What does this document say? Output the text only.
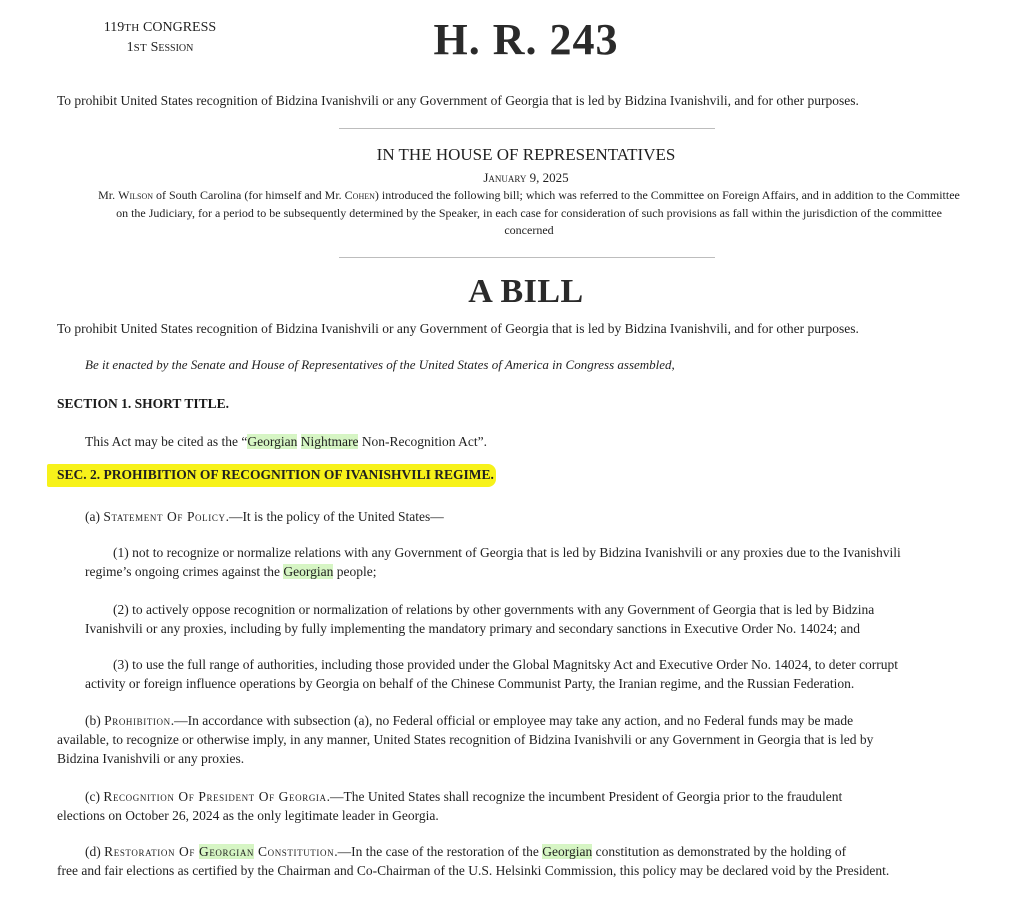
119TH CONGRESS
1ST Session	H. R. 243
To prohibit United States recognition of Bidzina Ivanishvili or any Government of Georgia that is led by Bidzina Ivanishvili, and for other purposes.
IN THE HOUSE OF REPRESENTATIVES
January 9, 2025
Mr. Wilson of South Carolina (for himself and Mr. Cohen) introduced the following bill; which was referred to the Committee on Foreign Affairs, and in addition to the Committee
on the Judiciary, for a period to be subsequently determined by the Speaker, in each case for consideration of such provisions as fall within the jurisdiction of the committee
concerned
A BILL
To prohibit United States recognition of Bidzina Ivanishvili or any Government of Georgia that is led by Bidzina Ivanishvili, and for other purposes.
Be it enacted by the Senate and House of Representatives of the United States of America in Congress assembled,
SECTION 1. SHORT TITLE.
This Act may be cited as the “Georgian Nightmare Non-Recognition Act”.
SEC. 2. PROHIBITION OF RECOGNITION OF IVANISHVILI REGIME.
(a) Statement Of Policy.—It is the policy of the United States—
(1) not to recognize or normalize relations with any Government of Georgia that is led by Bidzina Ivanishvili or any proxies due to the Ivanishvili
regime’s ongoing crimes against the Georgian people;
(2) to actively oppose recognition or normalization of relations by other governments with any Government of Georgia that is led by Bidzina
Ivanishvili or any proxies, including by fully implementing the mandatory primary and secondary sanctions in Executive Order No. 14024; and
(3) to use the full range of authorities, including those provided under the Global Magnitsky Act and Executive Order No. 14024, to deter corrupt
activity or foreign influence operations by Georgia on behalf of the Chinese Communist Party, the Iranian regime, and the Russian Federation.
(b) Prohibition.—In accordance with subsection (a), no Federal official or employee may take any action, and no Federal funds may be made
available, to recognize or otherwise imply, in any manner, United States recognition of Bidzina Ivanishvili or any Government in Georgia that is led by
Bidzina Ivanishvili or any proxies.
(c) Recognition Of President Of Georgia.—The United States shall recognize the incumbent President of Georgia prior to the fraudulent
elections on October 26, 2024 as the only legitimate leader in Georgia.
(d) Restoration Of Georgian Constitution.—In the case of the restoration of the Georgian constitution as demonstrated by the holding of
free and fair elections as certified by the Chairman and Co-Chairman of the U.S. Helsinki Commission, this policy may be declared void by the President.
